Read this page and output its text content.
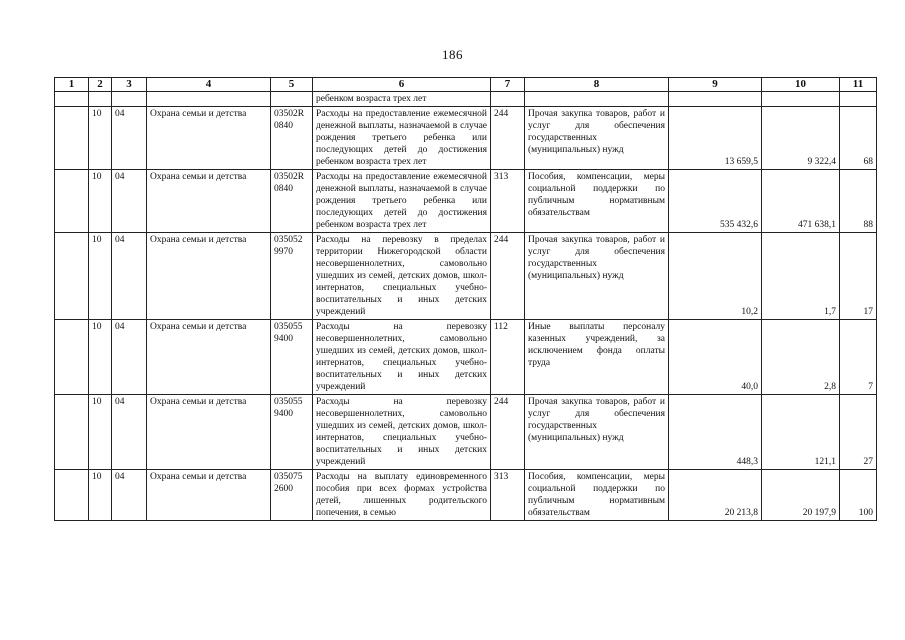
186
1	2	3	4	5	6	7	8	9	10	11
					ребенком возраста трех лет					
	10	04	Охрана семьи и детства	03502R 0840	Расходы на предоставление ежемесячной денежной выплаты, назначаемой в случае рождения третьего ребенка или последующих детей до достижения ребенком возраста трех лет	244	Прочая закупка товаров, работ и услуг для обеспечения государственных (муниципальных) нужд	13 659,5	9 322,4	68
	10	04	Охрана семьи и детства	03502R 0840	Расходы на предоставление ежемесячной денежной выплаты, назначаемой в случае рождения третьего ребенка или последующих детей до достижения ребенком возраста трех лет	313	Пособия, компенсации, меры социальной поддержки по публичным нормативным обязательствам	535 432,6	471 638,1	88
	10	04	Охрана семьи и детства	035052 9970	Расходы на перевозку в пределах территории Нижегородской области несовершеннолетних, самовольно ушедших из семей, детских домов, школ-интернатов, специальных учебно-воспитательных и иных детских учреждений	244	Прочая закупка товаров, работ и услуг для обеспечения государственных (муниципальных) нужд	10,2	1,7	17
	10	04	Охрана семьи и детства	035055 9400	Расходы на перевозку несовершеннолетних, самовольно ушедших из семей, детских домов, школ-интернатов, специальных учебно-воспитательных и иных детских учреждений	112	Иные выплаты персоналу казенных учреждений, за исключением фонда оплаты труда	40,0	2,8	7
	10	04	Охрана семьи и детства	035055 9400	Расходы на перевозку несовершеннолетних, самовольно ушедших из семей, детских домов, школ-интернатов, специальных учебно-воспитательных и иных детских учреждений	244	Прочая закупка товаров, работ и услуг для обеспечения государственных (муниципальных) нужд	448,3	121,1	27
	10	04	Охрана семьи и детства	035075 2600	Расходы на выплату единовременного пособия при всех формах устройства детей, лишенных родительского попечения, в семью	313	Пособия, компенсации, меры социальной поддержки по публичным нормативным обязательствам	20 213,8	20 197,9	100
